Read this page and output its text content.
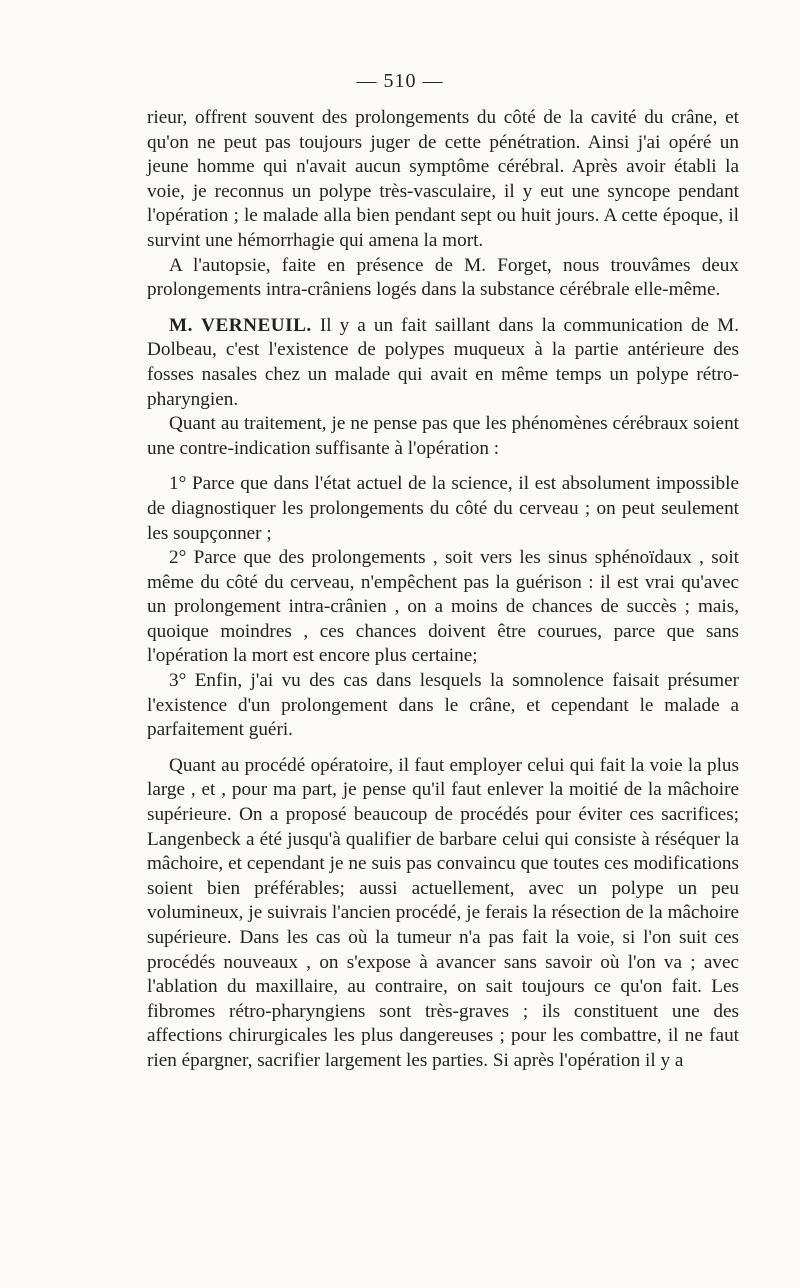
— 510 —

rieur, offrent souvent des prolongements du côté de la cavité du crâne, et qu'on ne peut pas toujours juger de cette pénétration. Ainsi j'ai opéré un jeune homme qui n'avait aucun symptôme cérébral. Après avoir établi la voie, je reconnus un polype très-vasculaire, il y eut une syncope pendant l'opération ; le malade alla bien pendant sept ou huit jours. A cette époque, il survint une hémorrhagie qui amena la mort.

A l'autopsie, faite en présence de M. Forget, nous trouvâmes deux prolongements intra-crâniens logés dans la substance cérébrale elle-même.

M. VERNEUIL. Il y a un fait saillant dans la communication de M. Dolbeau, c'est l'existence de polypes muqueux à la partie antérieure des fosses nasales chez un malade qui avait en même temps un polype rétro-pharyngien.

Quant au traitement, je ne pense pas que les phénomènes cérébraux soient une contre-indication suffisante à l'opération :

1° Parce que dans l'état actuel de la science, il est absolument impossible de diagnostiquer les prolongements du côté du cerveau ; on peut seulement les soupçonner ;

2° Parce que des prolongements , soit vers les sinus sphénoïdaux , soit même du côté du cerveau, n'empêchent pas la guérison : il est vrai qu'avec un prolongement intra-crânien , on a moins de chances de succès ; mais, quoique moindres , ces chances doivent être courues, parce que sans l'opération la mort est encore plus certaine;

3° Enfin, j'ai vu des cas dans lesquels la somnolence faisait présumer l'existence d'un prolongement dans le crâne, et cependant le malade a parfaitement guéri.

Quant au procédé opératoire, il faut employer celui qui fait la voie la plus large , et , pour ma part, je pense qu'il faut enlever la moitié de la mâchoire supérieure. On a proposé beaucoup de procédés pour éviter ces sacrifices; Langenbeck a été jusqu'à qualifier de barbare celui qui consiste à réséquer la mâchoire, et cependant je ne suis pas convaincu que toutes ces modifications soient bien préférables; aussi actuellement, avec un polype un peu volumineux, je suivrais l'ancien procédé, je ferais la résection de la mâchoire supérieure. Dans les cas où la tumeur n'a pas fait la voie, si l'on suit ces procédés nouveaux , on s'expose à avancer sans savoir où l'on va ; avec l'ablation du maxillaire, au contraire, on sait toujours ce qu'on fait. Les fibromes rétro-pharyngiens sont très-graves ; ils constituent une des affections chirurgicales les plus dangereuses ; pour les combattre, il ne faut rien épargner, sacrifier largement les parties. Si après l'opération il y a
